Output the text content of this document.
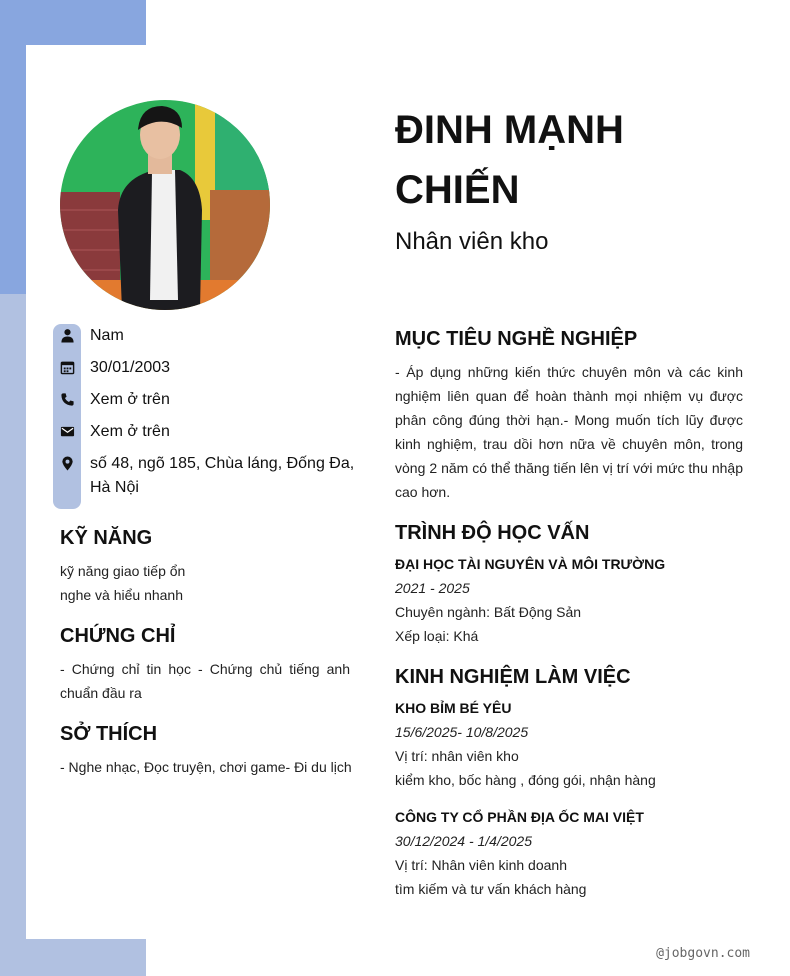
ĐINH MẠNH CHIẾN
Nhân viên kho
Nam
30/01/2003
Xem ở trên
Xem ở trên
số 48, ngõ 185, Chùa láng, Đống Đa, Hà Nội
KỸ NĂNG
kỹ năng giao tiếp ổn
nghe và hiểu nhanh
CHỨNG CHỈ
- Chứng chỉ tin học - Chứng chủ tiếng anh chuẩn đầu ra
SỞ THÍCH
- Nghe nhạc, Đọc truyện, chơi game- Đi du lịch
MỤC TIÊU NGHỀ NGHIỆP
- Áp dụng những kiến thức chuyên môn và các kinh nghiệm liên quan để hoàn thành mọi nhiệm vụ được phân công đúng thời hạn.- Mong muốn tích lũy được kinh nghiệm, trau dồi hơn nữa về chuyên môn, trong vòng 2 năm có thể thăng tiến lên vị trí với mức thu nhập cao hơn.
TRÌNH ĐỘ HỌC VẤN
ĐẠI HỌC TÀI NGUYÊN VÀ MÔI TRƯỜNG
2021 - 2025
Chuyên ngành: Bất Động Sản
Xếp loại: Khá
KINH NGHIỆM LÀM VIỆC
KHO BỈM BÉ YÊU
15/6/2025- 10/8/2025
Vị trí: nhân viên kho
kiểm kho, bốc hàng , đóng gói, nhận hàng
CÔNG TY CỔ PHẦN ĐỊA ỐC MAI VIỆT
30/12/2024 - 1/4/2025
Vị trí: Nhân viên kinh doanh
tìm kiếm và tư vấn khách hàng
@jobgovn.com
